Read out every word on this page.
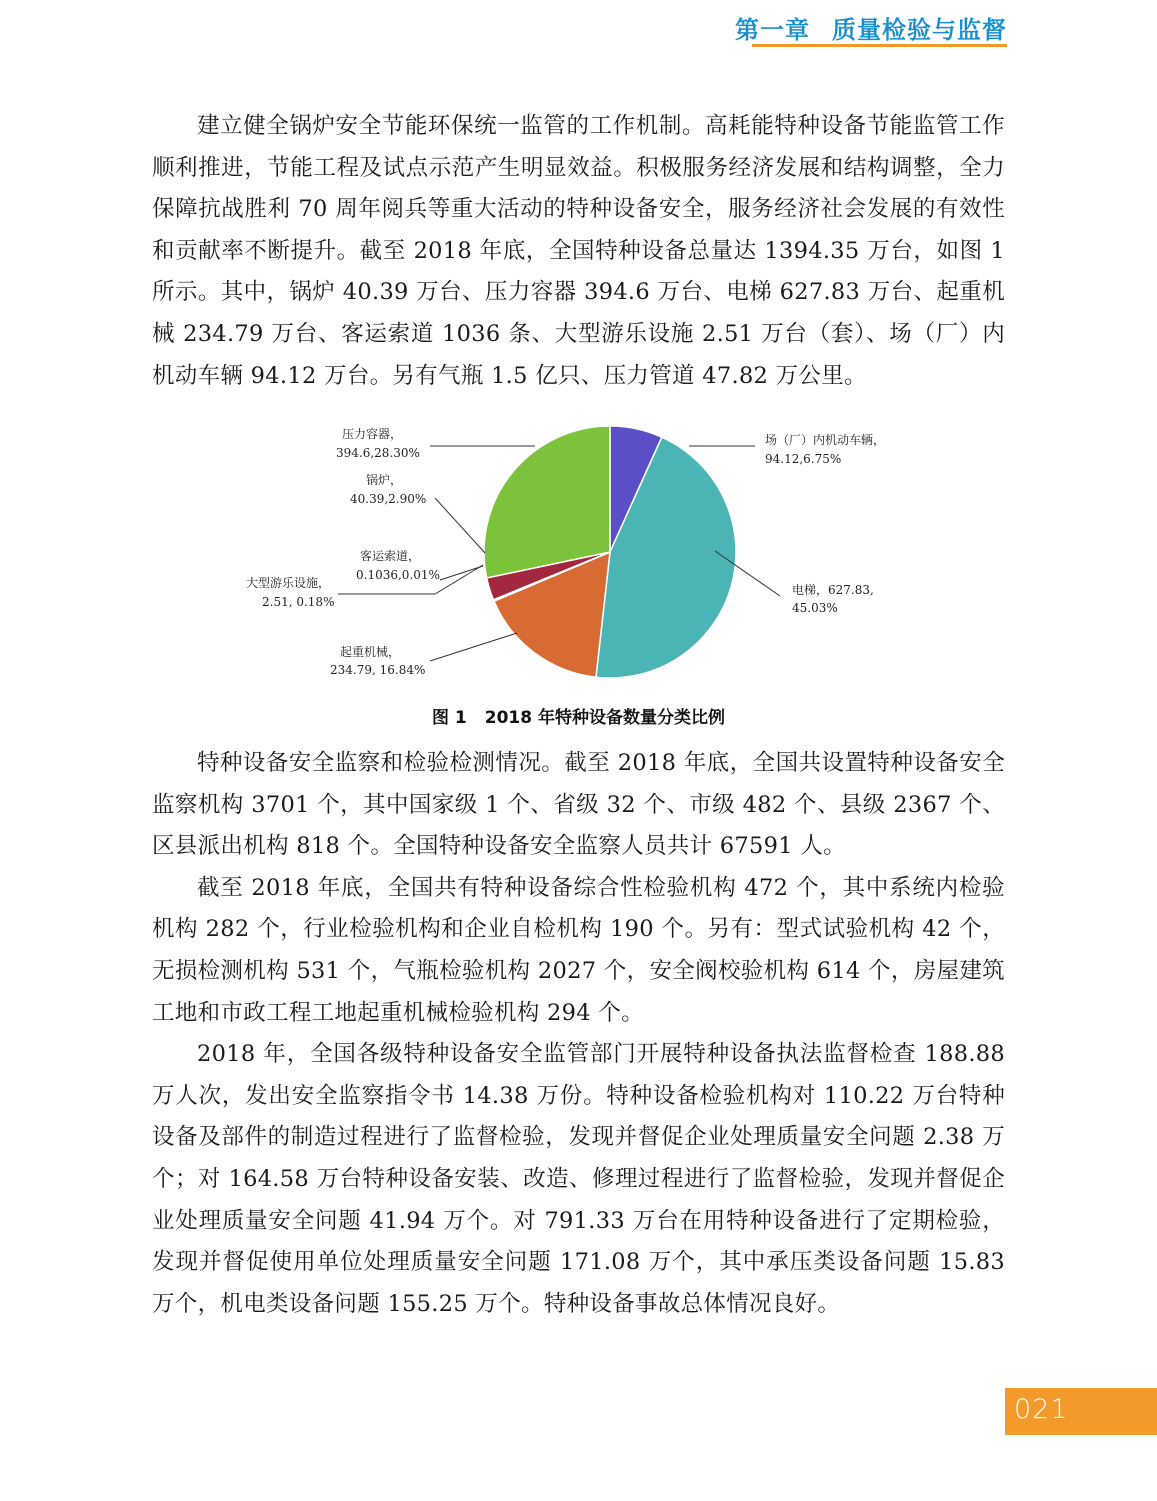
第一章 质量检验与监督

建立健全锅炉安全节能环保统一监管的工作机制。高耗能特种设备节能监管工作顺利推进，节能工程及试点示范产生明显效益。积极服务经济发展和结构调整，全力保障抗战胜利 70 周年阅兵等重大活动的特种设备安全，服务经济社会发展的有效性和贡献率不断提升。截至 2018 年底，全国特种设备总量达 1394.35 万台，如图 1 所示。其中，锅炉 40.39 万台、压力容器 394.6 万台、电梯 627.83 万台、起重机械 234.79 万台、客运索道 1036 条、大型游乐设施 2.51 万台（套）、场（厂）内机动车辆 94.12 万台。另有气瓶 1.5 亿只、压力管道 47.82 万公里。

场（厂）内机动车辆，
94.12,6.75%
电梯，627.83,
45.03%
起重机械，
234.79, 16.84%
大型游乐设施，
2.51, 0.18%
客运索道，
0.1036,0.01%
锅炉，
40.39,2.90%
压力容器，
394.6,28.30%
图 1 2018 年特种设备数量分类比例

特种设备安全监察和检验检测情况。截至 2018 年底，全国共设置特种设备安全监察机构 3701 个，其中国家级 1 个、省级 32 个、市级 482 个、县级 2367 个、区县派出机构 818 个。全国特种设备安全监察人员共计 67591 人。

截至 2018 年底，全国共有特种设备综合性检验机构 472 个，其中系统内检验机构 282 个，行业检验机构和企业自检机构 190 个。另有：型式试验机构 42 个，无损检测机构 531 个，气瓶检验机构 2027 个，安全阀校验机构 614 个，房屋建筑工地和市政工程工地起重机械检验机构 294 个。

2018 年，全国各级特种设备安全监管部门开展特种设备执法监督检查 188.88 万人次，发出安全监察指令书 14.38 万份。特种设备检验机构对 110.22 万台特种设备及部件的制造过程进行了监督检验，发现并督促企业处理质量安全问题 2.38 万个；对 164.58 万台特种设备安装、改造、修理过程进行了监督检验，发现并督促企业处理质量安全问题 41.94 万个。对 791.33 万台在用特种设备进行了定期检验，发现并督促使用单位处理质量安全问题 171.08 万个，其中承压类设备问题 15.83 万个，机电类设备问题 155.25 万个。特种设备事故总体情况良好。

021
